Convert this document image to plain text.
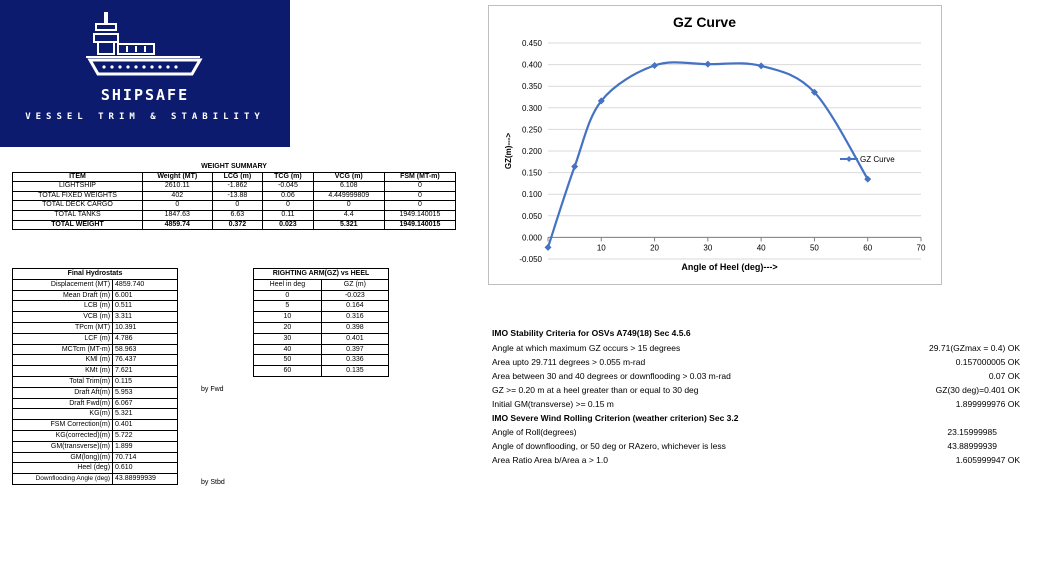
SHIPSAFE
VESSEL TRIM & STABILITY
WEIGHT SUMMARY					
ITEM	Weight (MT)	LCG (m)	TCG (m)	VCG (m)	FSM (MT-m)
LIGHTSHIP	2610.11	-1.862	-0.045	6.108	0
TOTAL FIXED WEIGHTS	402	-13.88	0.06	4.449999809	0
TOTAL DECK CARGO	0	0	0	0	0
TOTAL TANKS	1847.63	6.63	0.11	4.4	1949.140015
TOTAL WEIGHT	4859.74	0.372	0.023	5.321	1949.140015
Final Hydrostats	
Displacement (MT)	4859.740
Mean Draft (m)	6.001
LCB (m)	0.511
VCB (m)	3.311
TPcm (MT)	10.391
LCF (m)	4.786
MCTcm (MT-m)	58.963
KMl (m)	76.437
KMt (m)	7.621
Total Trim(m)	0.115
Draft Aft(m)	5.953
Draft Fwd(m)	6.067
KG(m)	5.321
FSM Correction(m)	0.401
KG(corrected)(m)	5.722
GM(transverse)(m)	1.899
GM(long)(m)	70.714
Heel (deg)	0.610
Downflooding Angle (deg)	43.88999939
by Fwd
by Stbd
RIGHTING ARM(GZ) vs HEEL	
Heel in deg	GZ (m)
0	-0.023
5	0.164
10	0.316
20	0.398
30	0.401
40	0.397
50	0.336
60	0.135
GZ Curve
-0.050
0.000
0.050
0.100
0.150
0.200
0.250
0.300
0.350
0.400
0.450
10	20	30	40	50	60	70
Angle of Heel (deg)--->
GZ(m)--->	GZ Curve
IMO Stability Criteria for OSVs A749(18) Sec 4.5.6
Angle at which maximum GZ occurs > 15 degrees	29.71(GZmax = 0.4) OK
Area upto 29.711 degrees > 0.055 m-rad	0.157000005 OK
Area between 30 and 40 degrees or downflooding > 0.03 m-rad	0.07 OK
GZ >= 0.20 m at a heel greater than or equal to 30 deg	GZ(30 deg)=0.401 OK
Initial GM(transverse) >= 0.15 m	1.899999976 OK
IMO Severe Wind Rolling Criterion (weather criterion) Sec 3.2
Angle of Roll(degrees)	23.15999985
Angle of downflooding, or 50 deg or RAzero, whichever is less	43.88999939
Area Ratio Area b/Area a > 1.0	1.605999947 OK
